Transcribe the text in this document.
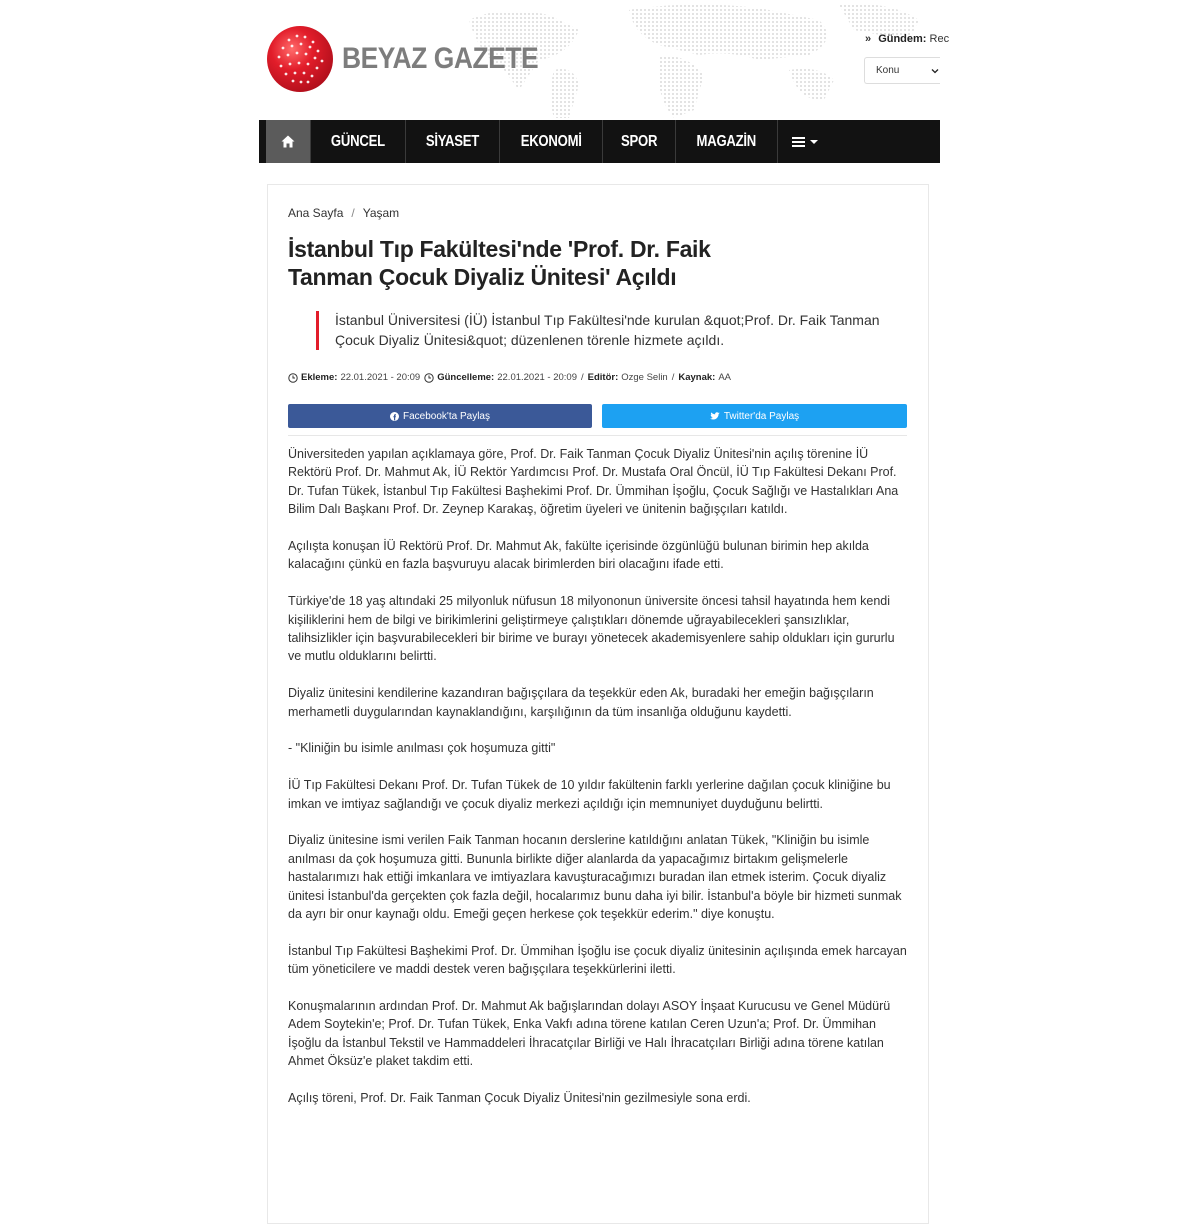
BEYAZ GAZETE
» Gündem: Rec
Konu
GÜNCEL	SİYASET	EKONOMİ SPOR MAGAZİN
Ana Sayfa / Yaşam
İstanbul Tıp Fakültesi'nde 'Prof. Dr. Faik Tanman Çocuk Diyaliz Ünitesi' Açıldı
İstanbul Üniversitesi (İÜ) İstanbul Tıp Fakültesi'nde kurulan &quot;Prof. Dr. Faik Tanman Çocuk Diyaliz Ünitesi&quot; düzenlenen törenle hizmete açıldı.
Ekleme: 22.01.2021 - 20:09 Güncelleme: 22.01.2021 - 20:09 / Editör: Ozge Selin / Kaynak: AA
Facebook'ta Paylaş	Twitter'da Paylaş

Üniversiteden yapılan açıklamaya göre, Prof. Dr. Faik Tanman Çocuk Diyaliz Ünitesi'nin açılış törenine İÜ Rektörü Prof. Dr. Mahmut Ak, İÜ Rektör Yardımcısı Prof. Dr. Mustafa Oral Öncül, İÜ Tıp Fakültesi Dekanı Prof. Dr. Tufan Tükek, İstanbul Tıp Fakültesi Başhekimi Prof. Dr. Ümmihan İşoğlu, Çocuk Sağlığı ve Hastalıkları Ana Bilim Dalı Başkanı Prof. Dr. Zeynep Karakaş, öğretim üyeleri ve ünitenin bağışçıları katıldı.

Açılışta konuşan İÜ Rektörü Prof. Dr. Mahmut Ak, fakülte içerisinde özgünlüğü bulunan birimin hep akılda kalacağını çünkü en fazla başvuruyu alacak birimlerden biri olacağını ifade etti.

Türkiye'de 18 yaş altındaki 25 milyonluk nüfusun 18 milyononun üniversite öncesi tahsil hayatında hem kendi kişiliklerini hem de bilgi ve birikimlerini geliştirmeye çalıştıkları dönemde uğrayabilecekleri şansızlıklar, talihsizlikler için başvurabilecekleri bir birime ve burayı yönetecek akademisyenlere sahip oldukları için gururlu ve mutlu olduklarını belirtti.

Diyaliz ünitesini kendilerine kazandıran bağışçılara da teşekkür eden Ak, buradaki her emeğin bağışçıların merhametli duygularından kaynaklandığını, karşılığının da tüm insanlığa olduğunu kaydetti.

- "Kliniğin bu isimle anılması çok hoşumuza gitti"

İÜ Tıp Fakültesi Dekanı Prof. Dr. Tufan Tükek de 10 yıldır fakültenin farklı yerlerine dağılan çocuk kliniğine bu imkan ve imtiyaz sağlandığı ve çocuk diyaliz merkezi açıldığı için memnuniyet duyduğunu belirtti.

Diyaliz ünitesine ismi verilen Faik Tanman hocanın derslerine katıldığını anlatan Tükek, "Kliniğin bu isimle anılması da çok hoşumuza gitti. Bununla birlikte diğer alanlarda da yapacağımız birtakım gelişmelerle hastalarımızı hak ettiği imkanlara ve imtiyazlara kavuşturacağımızı buradan ilan etmek isterim. Çocuk diyaliz ünitesi İstanbul'da gerçekten çok fazla değil, hocalarımız bunu daha iyi bilir. İstanbul'a böyle bir hizmeti sunmak da ayrı bir onur kaynağı oldu. Emeği geçen herkese çok teşekkür ederim." diye konuştu.

İstanbul Tıp Fakültesi Başhekimi Prof. Dr. Ümmihan İşoğlu ise çocuk diyaliz ünitesinin açılışında emek harcayan tüm yöneticilere ve maddi destek veren bağışçılara teşekkürlerini iletti.

Konuşmalarının ardından Prof. Dr. Mahmut Ak bağışlarından dolayı ASOY İnşaat Kurucusu ve Genel Müdürü Adem Soytekin'e; Prof. Dr. Tufan Tükek, Enka Vakfı adına törene katılan Ceren Uzun'a; Prof. Dr. Ümmihan İşoğlu da İstanbul Tekstil ve Hammaddeleri İhracatçılar Birliği ve Halı İhracatçıları Birliği adına törene katılan Ahmet Öksüz'e plaket takdim etti.

Açılış töreni, Prof. Dr. Faik Tanman Çocuk Diyaliz Ünitesi'nin gezilmesiyle sona erdi.
